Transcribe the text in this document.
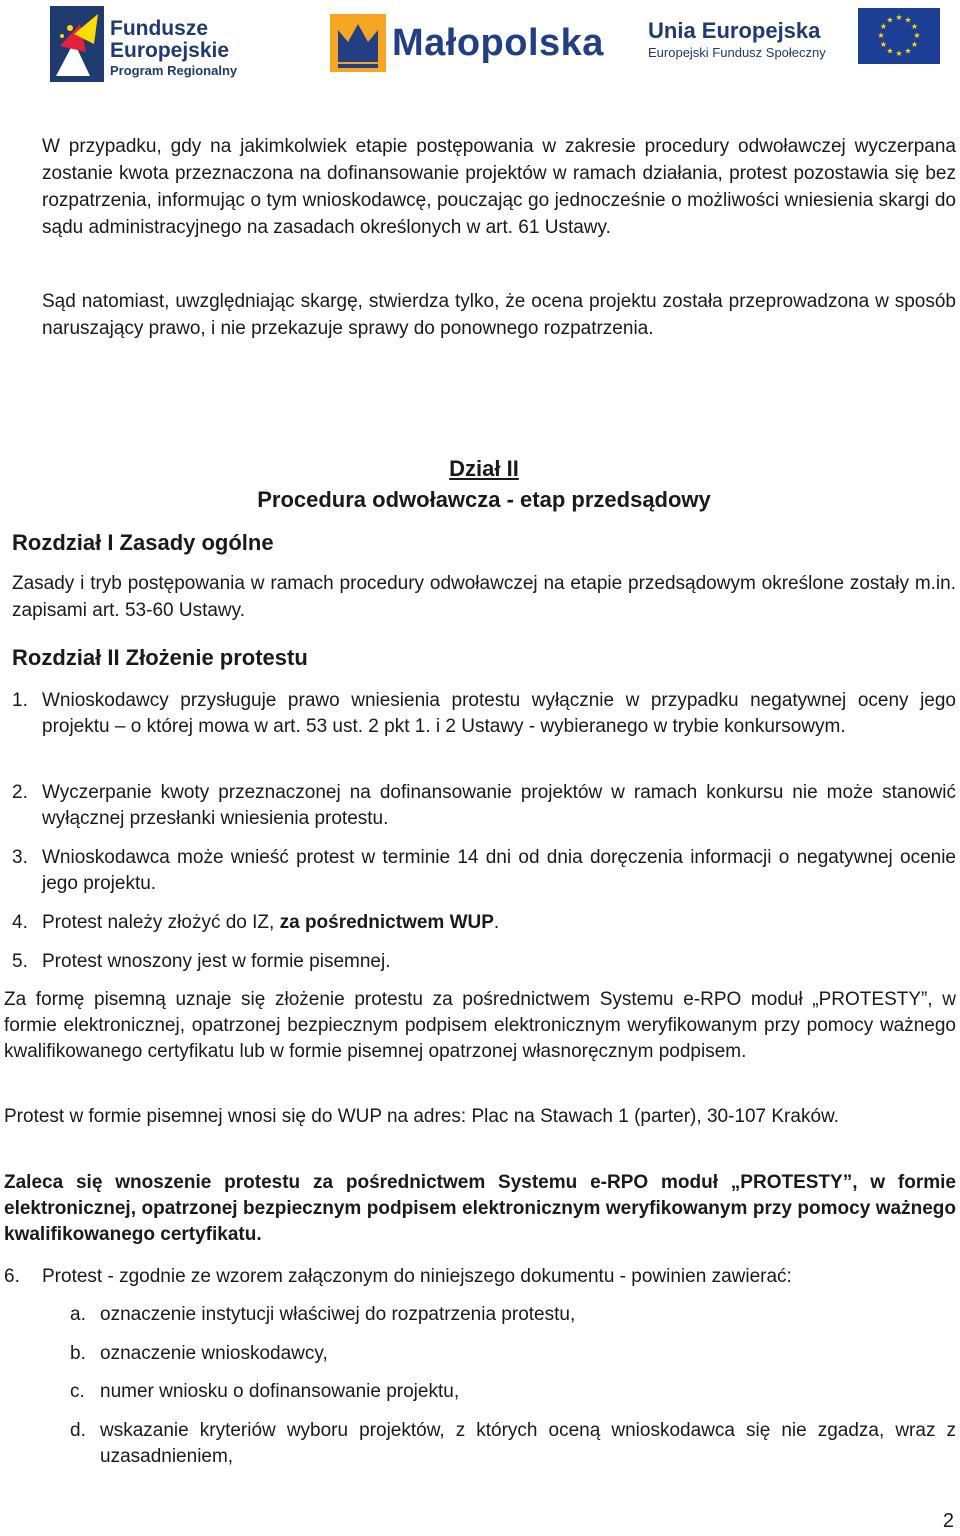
Fundusze
Europejskie
Program Regionalny
Małopolska Unia Europejska
Europejski Fundusz Społeczny
★ ★
★
★
★
★
★
★
★
★
★
★

W przypadku, gdy na jakimkolwiek etapie postępowania w zakresie procedury odwoławczej wyczerpana zostanie kwota przeznaczona na dofinansowanie projektów w ramach działania, protest pozostawia się bez rozpatrzenia, informując o tym wnioskodawcę, pouczając go jednocześnie o możliwości wniesienia skargi do sądu administracyjnego na zasadach określonych w art. 61 Ustawy.

Sąd natomiast, uwzględniając skargę, stwierdza tylko, że ocena projektu została przeprowadzona w sposób naruszający prawo, i nie przekazuje sprawy do ponownego rozpatrzenia.

Dział II
Procedura odwoławcza - etap przedsądowy
Rozdział I Zasady ogólne

Zasady i tryb postępowania w ramach procedury odwoławczej na etapie przedsądowym określone zostały m.in. zapisami art. 53-60 Ustawy.

Rozdział II Złożenie protestu
1. Wnioskodawcy przysługuje prawo wniesienia protestu wyłącznie w przypadku negatywnej oceny jego projektu – o której mowa w art. 53 ust. 2 pkt 1. i 2 Ustawy - wybieranego w trybie konkursowym.
2. Wyczerpanie kwoty przeznaczonej na dofinansowanie projektów w ramach konkursu nie może stanowić wyłącznej przesłanki wniesienia protestu.
3. Wnioskodawca może wnieść protest w terminie 14 dni od dnia doręczenia informacji o negatywnej ocenie jego projektu.
4. Protest należy złożyć do IZ, za pośrednictwem WUP.
5. Protest wnoszony jest w formie pisemnej.

Za formę pisemną uznaje się złożenie protestu za pośrednictwem Systemu e-RPO moduł „PROTESTY”, w formie elektronicznej, opatrzonej bezpiecznym podpisem elektronicznym weryfikowanym przy pomocy ważnego kwalifikowanego certyfikatu lub w formie pisemnej opatrzonej własnoręcznym podpisem.

Protest w formie pisemnej wnosi się do WUP na adres: Plac na Stawach 1 (parter), 30-107 Kraków.

Zaleca się wnoszenie protestu za pośrednictwem Systemu e-RPO moduł „PROTESTY”, w formie elektronicznej, opatrzonej bezpiecznym podpisem elektronicznym weryfikowanym przy pomocy ważnego kwalifikowanego certyfikatu.

6. Protest - zgodnie ze wzorem załączonym do niniejszego dokumentu - powinien zawierać:
a. oznaczenie instytucji właściwej do rozpatrzenia protestu,
b. oznaczenie wnioskodawcy,
c. numer wniosku o dofinansowanie projektu,
d. wskazanie kryteriów wyboru projektów, z których oceną wnioskodawca się nie zgadza, wraz z uzasadnieniem,
2
